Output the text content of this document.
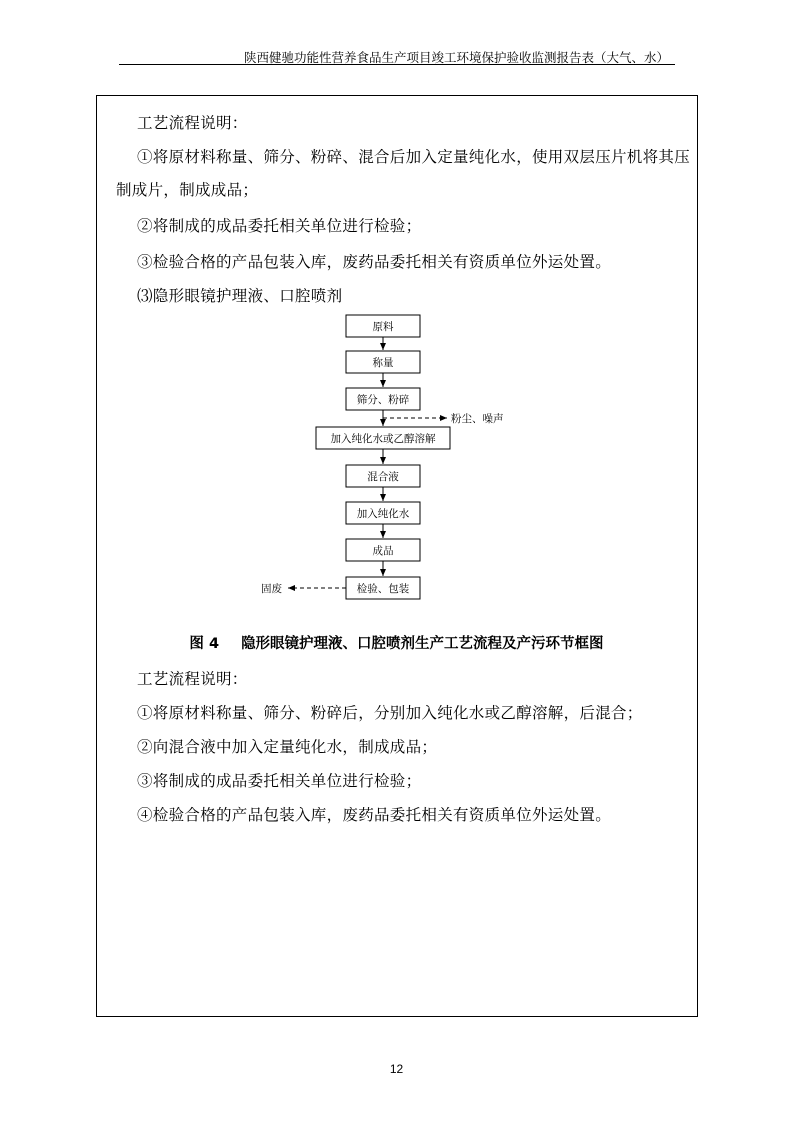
陕西健驰功能性营养食品生产项目竣工环境保护验收监测报告表（大气、水）
工艺流程说明：
①将原材料称量、筛分、粉碎、混合后加入定量纯化水，使用双层压片机将其压
制成片，制成成品；
②将制成的成品委托相关单位进行检验；
③检验合格的产品包装入库，废药品委托相关有资质单位外运处置。
⑶隐形眼镜护理液、口腔喷剂
原料
称量
筛分、粉碎
粉尘、噪声
加入纯化水或乙醇溶解
混合液
加入纯化水
成品
检验、包装
固废
图 4 隐形眼镜护理液、口腔喷剂生产工艺流程及产污环节框图
工艺流程说明：
①将原材料称量、筛分、粉碎后，分别加入纯化水或乙醇溶解，后混合；
②向混合液中加入定量纯化水，制成成品；
③将制成的成品委托相关单位进行检验；
④检验合格的产品包装入库，废药品委托相关有资质单位外运处置。
12
